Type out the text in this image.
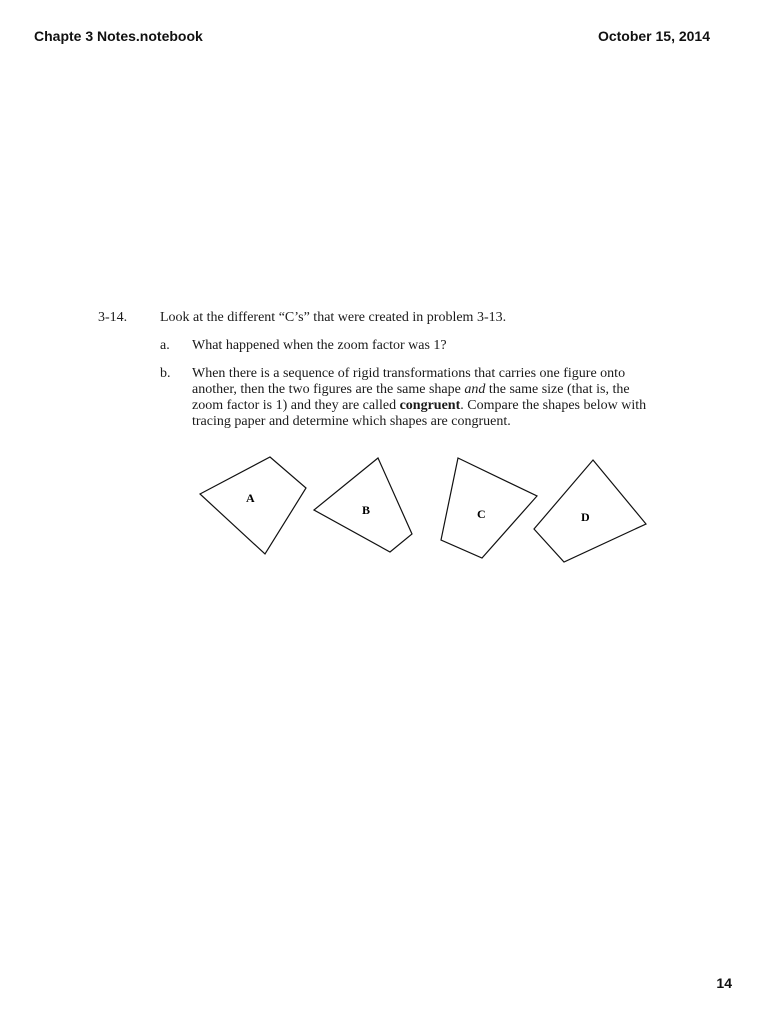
Chapte 3 Notes.notebook	October 15, 2014
3-14.	Look at the different “C’s” that were created in problem 3-13.
a.	What happened when the zoom factor was 1?
b.	When there is a sequence of rigid transformations that carries one figure onto another, then the two figures are the same shape and the same size (that is, the zoom factor is 1) and they are called congruent. Compare the shapes below with tracing paper and determine which shapes are congruent.
A
B	C	D
14
